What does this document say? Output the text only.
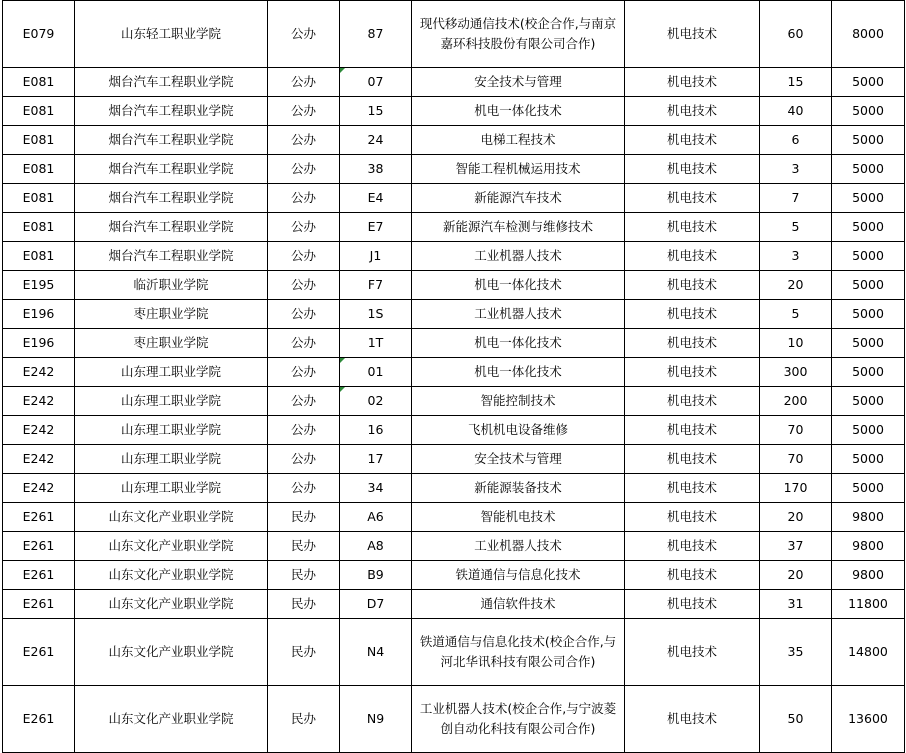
E079	山东轻工职业学院	公办	87	现代移动通信技术(校企合作,与南京嘉环科技股份有限公司合作)	机电技术	60	8000
E081	烟台汽车工程职业学院	公办	07	安全技术与管理	机电技术	15	5000
E081	烟台汽车工程职业学院	公办	15	机电一体化技术	机电技术	40	5000
E081	烟台汽车工程职业学院	公办	24	电梯工程技术	机电技术	6	5000
E081	烟台汽车工程职业学院	公办	38	智能工程机械运用技术	机电技术	3	5000
E081	烟台汽车工程职业学院	公办	E4	新能源汽车技术	机电技术	7	5000
E081	烟台汽车工程职业学院	公办	E7	新能源汽车检测与维修技术	机电技术	5	5000
E081	烟台汽车工程职业学院	公办	J1	工业机器人技术	机电技术	3	5000
E195	临沂职业学院	公办	F7	机电一体化技术	机电技术	20	5000
E196	枣庄职业学院	公办	1S	工业机器人技术	机电技术	5	5000
E196	枣庄职业学院	公办	1T	机电一体化技术	机电技术	10	5000
E242	山东理工职业学院	公办	01	机电一体化技术	机电技术	300	5000
E242	山东理工职业学院	公办	02	智能控制技术	机电技术	200	5000
E242	山东理工职业学院	公办	16	飞机机电设备维修	机电技术	70	5000
E242	山东理工职业学院	公办	17	安全技术与管理	机电技术	70	5000
E242	山东理工职业学院	公办	34	新能源装备技术	机电技术	170	5000
E261	山东文化产业职业学院	民办	A6	智能机电技术	机电技术	20	9800
E261	山东文化产业职业学院	民办	A8	工业机器人技术	机电技术	37	9800
E261	山东文化产业职业学院	民办	B9	铁道通信与信息化技术	机电技术	20	9800
E261	山东文化产业职业学院	民办	D7	通信软件技术	机电技术	31	11800
E261	山东文化产业职业学院	民办	N4	铁道通信与信息化技术(校企合作,与河北华讯科技有限公司合作)	机电技术	35	14800
E261	山东文化产业职业学院	民办	N9	工业机器人技术(校企合作,与宁波菱创自动化科技有限公司合作)	机电技术	50	13600
